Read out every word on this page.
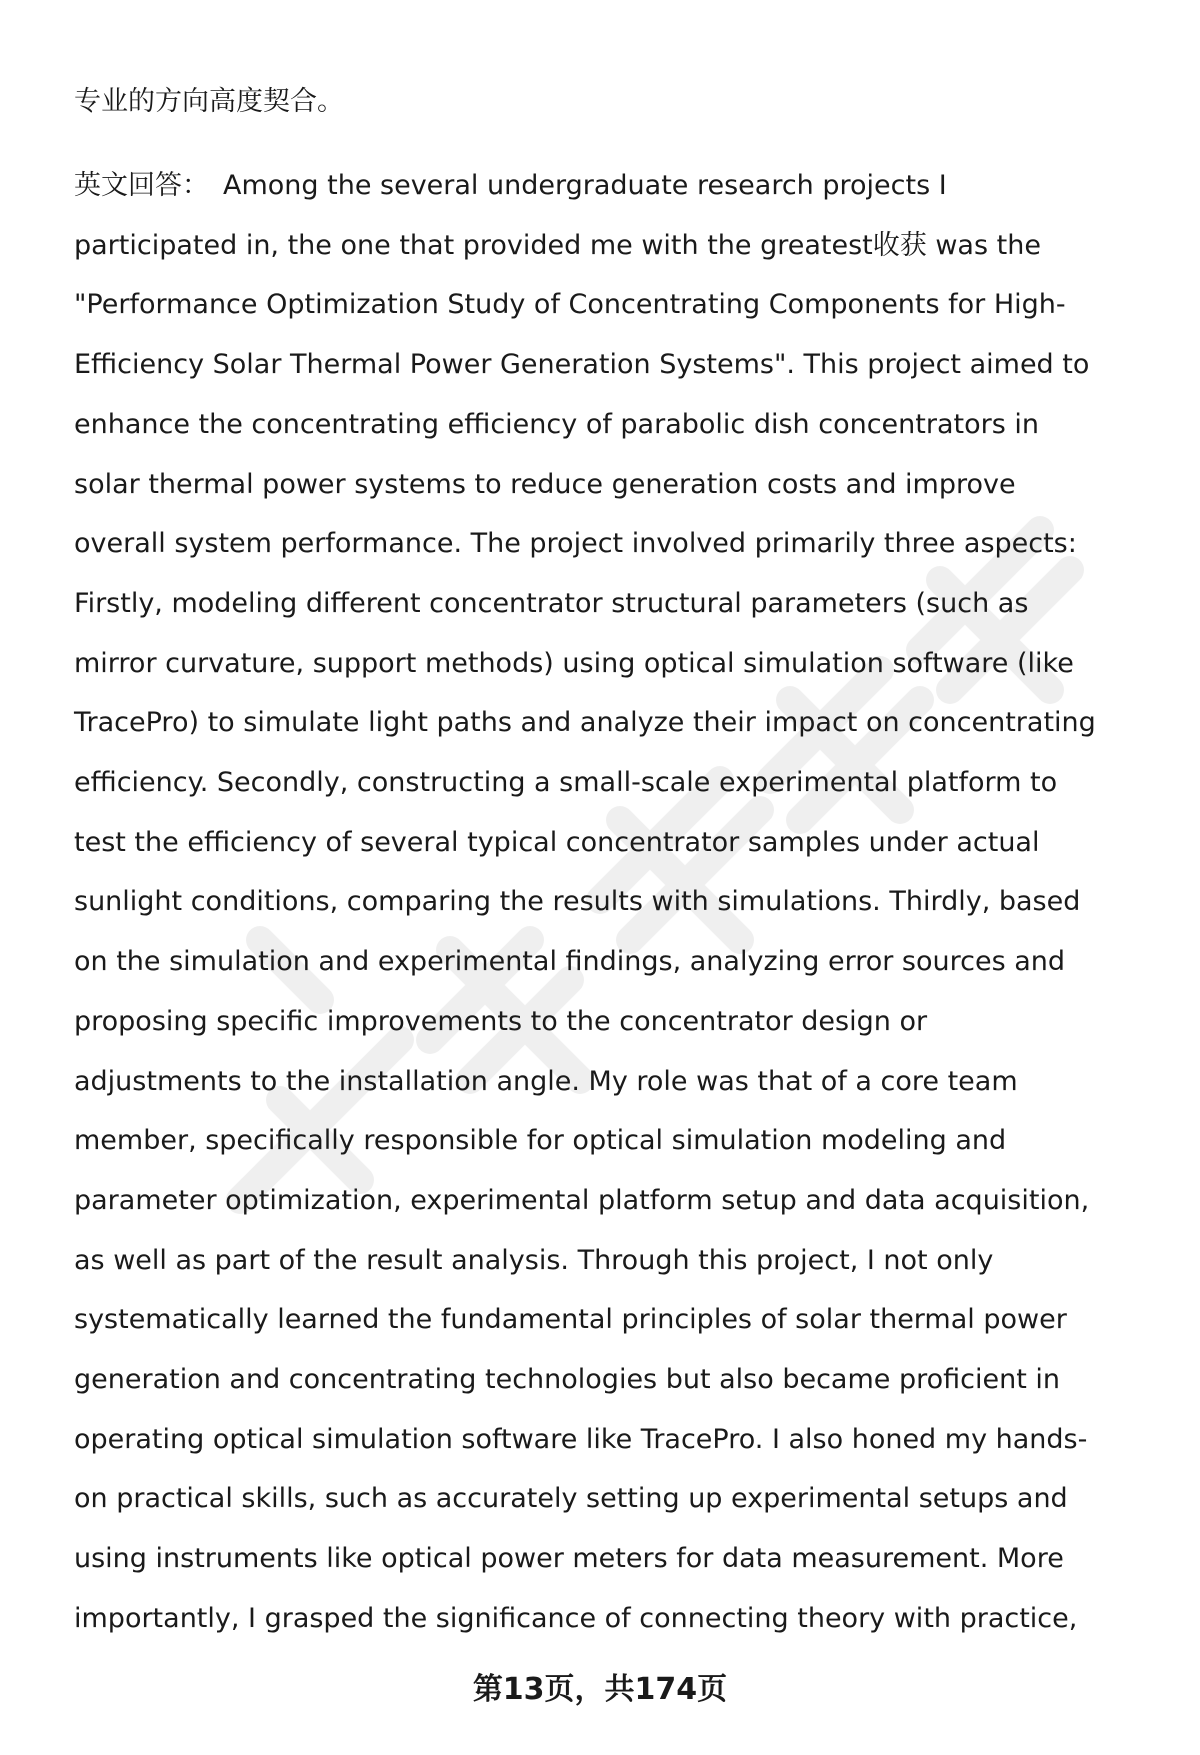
专业的方向高度契合。

英文回答： Among the several undergraduate research projects I
participated in, the one that provided me with the greatest收获 was the
"Performance Optimization Study of Concentrating Components for High-
Efficiency Solar Thermal Power Generation Systems". This project aimed to
enhance the concentrating efficiency of parabolic dish concentrators in
solar thermal power systems to reduce generation costs and improve
overall system performance. The project involved primarily three aspects:
Firstly, modeling different concentrator structural parameters (such as
mirror curvature, support methods) using optical simulation software (like
TracePro) to simulate light paths and analyze their impact on concentrating
efficiency. Secondly, constructing a small-scale experimental platform to
test the efficiency of several typical concentrator samples under actual
sunlight conditions, comparing the results with simulations. Thirdly, based
on the simulation and experimental findings, analyzing error sources and
proposing specific improvements to the concentrator design or
adjustments to the installation angle. My role was that of a core team
member, specifically responsible for optical simulation modeling and
parameter optimization, experimental platform setup and data acquisition,
as well as part of the result analysis. Through this project, I not only
systematically learned the fundamental principles of solar thermal power
generation and concentrating technologies but also became proficient in
operating optical simulation software like TracePro. I also honed my hands-
on practical skills, such as accurately setting up experimental setups and
using instruments like optical power meters for data measurement. More
importantly, I grasped the significance of connecting theory with practice,
第13页，共174页
